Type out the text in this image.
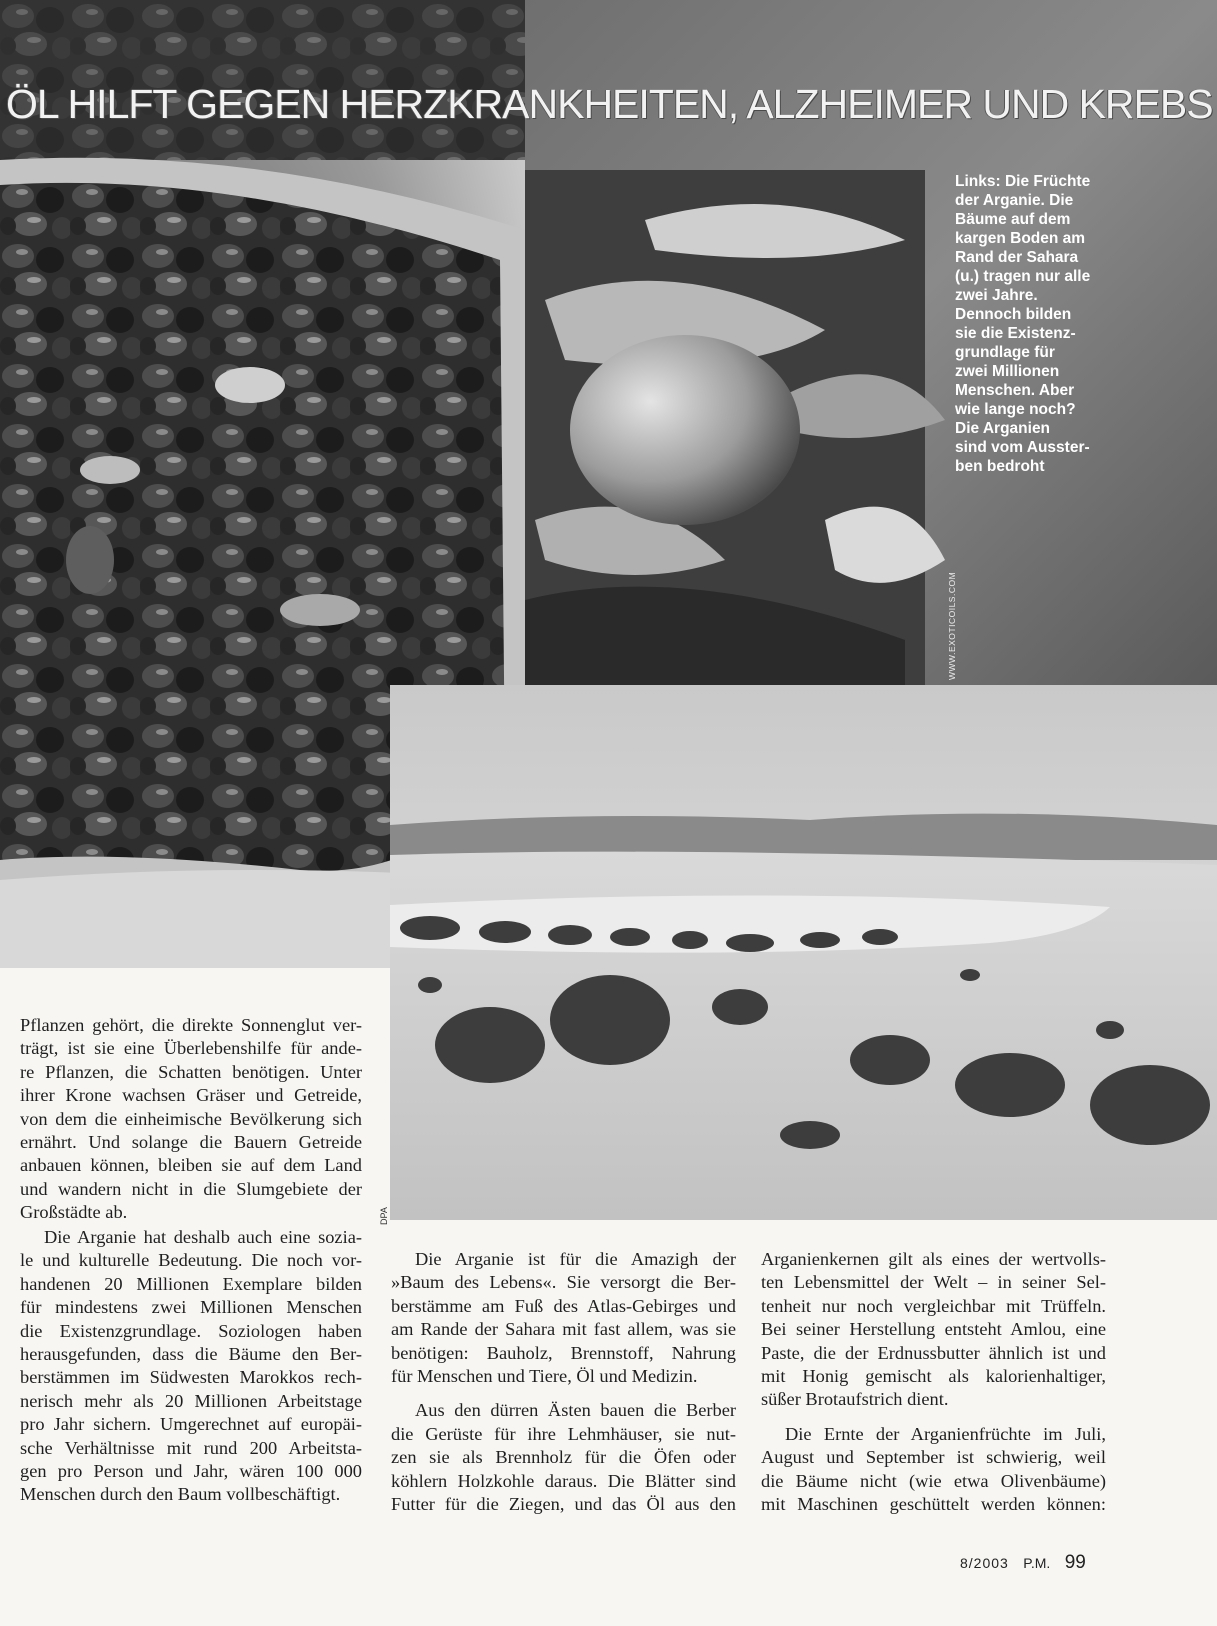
ÖL HILFT GEGEN HERZKRANKHEITEN, ALZHEIMER UND KREBS
Links: Die Früchte
der Arganie. Die
Bäume auf dem
kargen Boden am
Rand der Sahara
(u.) tragen nur alle
zwei Jahre.
Dennoch bilden
sie die Existenz-
grundlage für
zwei Millionen
Menschen. Aber
wie lange noch?
Die Arganien
sind vom Ausster-
ben bedroht
WWW.EXOTICOILS.COM
DPA

Pflanzen gehört, die direkte Sonnenglut ver-

trägt, ist sie eine Überlebenshilfe für ande-

re Pflanzen, die Schatten benötigen. Unter

ihrer Krone wachsen Gräser und Getreide,

von dem die einheimische Bevölkerung sich

ernährt. Und solange die Bauern Getreide

anbauen können, bleiben sie auf dem Land

und wandern nicht in die Slumgebiete der

Großstädte ab.

Die Arganie hat deshalb auch eine sozia-

le und kulturelle Bedeutung. Die noch vor-

handenen 20 Millionen Exemplare bilden

für mindestens zwei Millionen Menschen

die Existenzgrundlage. Soziologen haben

herausgefunden, dass die Bäume den Ber-

berstämmen im Südwesten Marokkos rech-

nerisch mehr als 20 Millionen Arbeitstage

pro Jahr sichern. Umgerechnet auf europäi-

sche Verhältnisse mit rund 200 Arbeitsta-

gen pro Person und Jahr, wären 100 000

Menschen durch den Baum vollbeschäftigt.

Die Arganie ist für die Amazigh der

»Baum des Lebens«. Sie versorgt die Ber-

berstämme am Fuß des Atlas-Gebirges und

am Rande der Sahara mit fast allem, was sie

benötigen: Bauholz, Brennstoff, Nahrung

für Menschen und Tiere, Öl und Medizin.

Aus den dürren Ästen bauen die Berber

die Gerüste für ihre Lehmhäuser, sie nut-

zen sie als Brennholz für die Öfen oder

köhlern Holzkohle daraus. Die Blätter sind

Futter für die Ziegen, und das Öl aus den

Arganienkernen gilt als eines der wertvolls-

ten Lebensmittel der Welt – in seiner Sel-

tenheit nur noch vergleichbar mit Trüffeln.

Bei seiner Herstellung entsteht Amlou, eine

Paste, die der Erdnussbutter ähnlich ist und

mit Honig gemischt als kalorienhaltiger,

süßer Brotaufstrich dient.

Die Ernte der Arganienfrüchte im Juli,

August und September ist schwierig, weil

die Bäume nicht (wie etwa Olivenbäume)

mit Maschinen geschüttelt werden können:

8/2003 P.M. 99
